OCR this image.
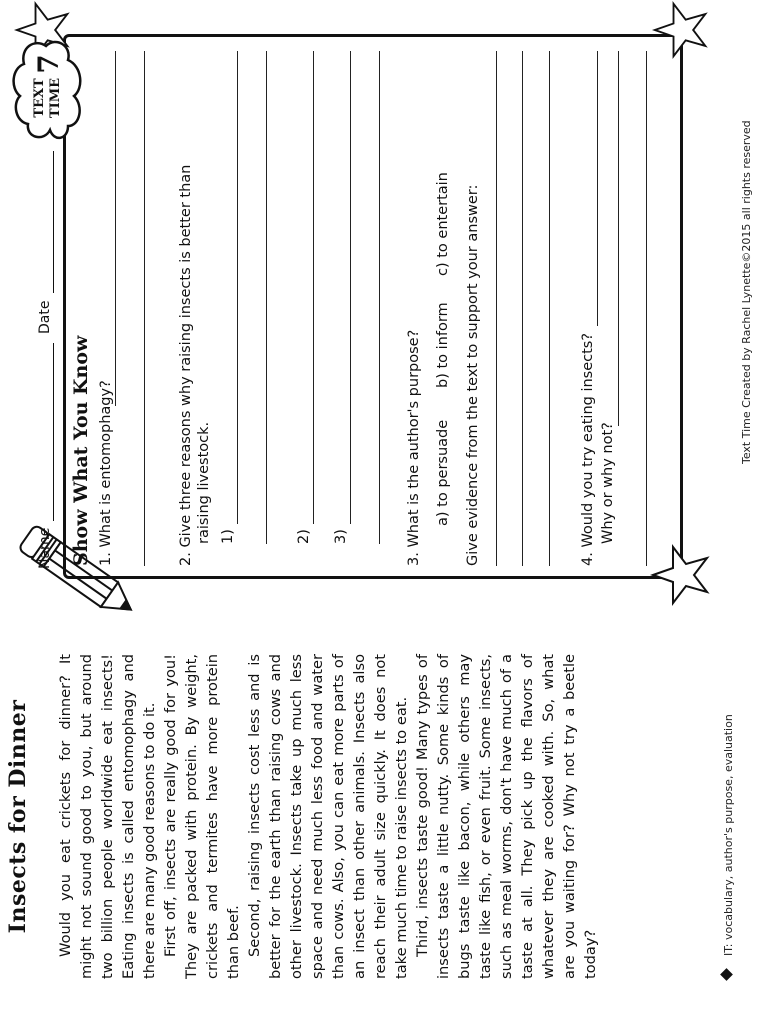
Insects for Dinner Would you eat crickets for dinner? It might not sound good to you, but around two billion people worldwide eat insects! Eating insects is called entomophagy and there are many good reasons to do it. First off, insects are really good for you! They are packed with protein. By weight, crickets and termites have more protein than beef. Second, raising insects cost less and is better for the earth than raising cows and other livestock. Insects take up much less space and need much less food and water than cows. Also, you can eat more parts of an insect than other animals. Insects also reach their adult size quickly. It does not take much time to raise insects to eat. Third, insects taste good! Many types of insects taste a little nutty. Some kinds of bugs taste like bacon, while others may taste like fish, or even fruit. Some insects, such as meal worms, don't have much of a taste at all. They pick up the flavors of whatever they are cooked with. So, what are you waiting for? Why not try a beetle today?	IT: vocabulary, author's purpose, evaluation
Name
Date
TEXT TIME
7
Show What You Know 1. What is entomophagy?	2. Give three reasons why raising insects is better than raising livestock. 1)	2) 3)	3. What is the author's purpose? a) to persuade
b) to inform
c) to entertain Give evidence from the text to support your answer:	4. Would you try eating insects? Why or why not?
Text Time Created by Rachel Lynette©2015 all rights reserved
